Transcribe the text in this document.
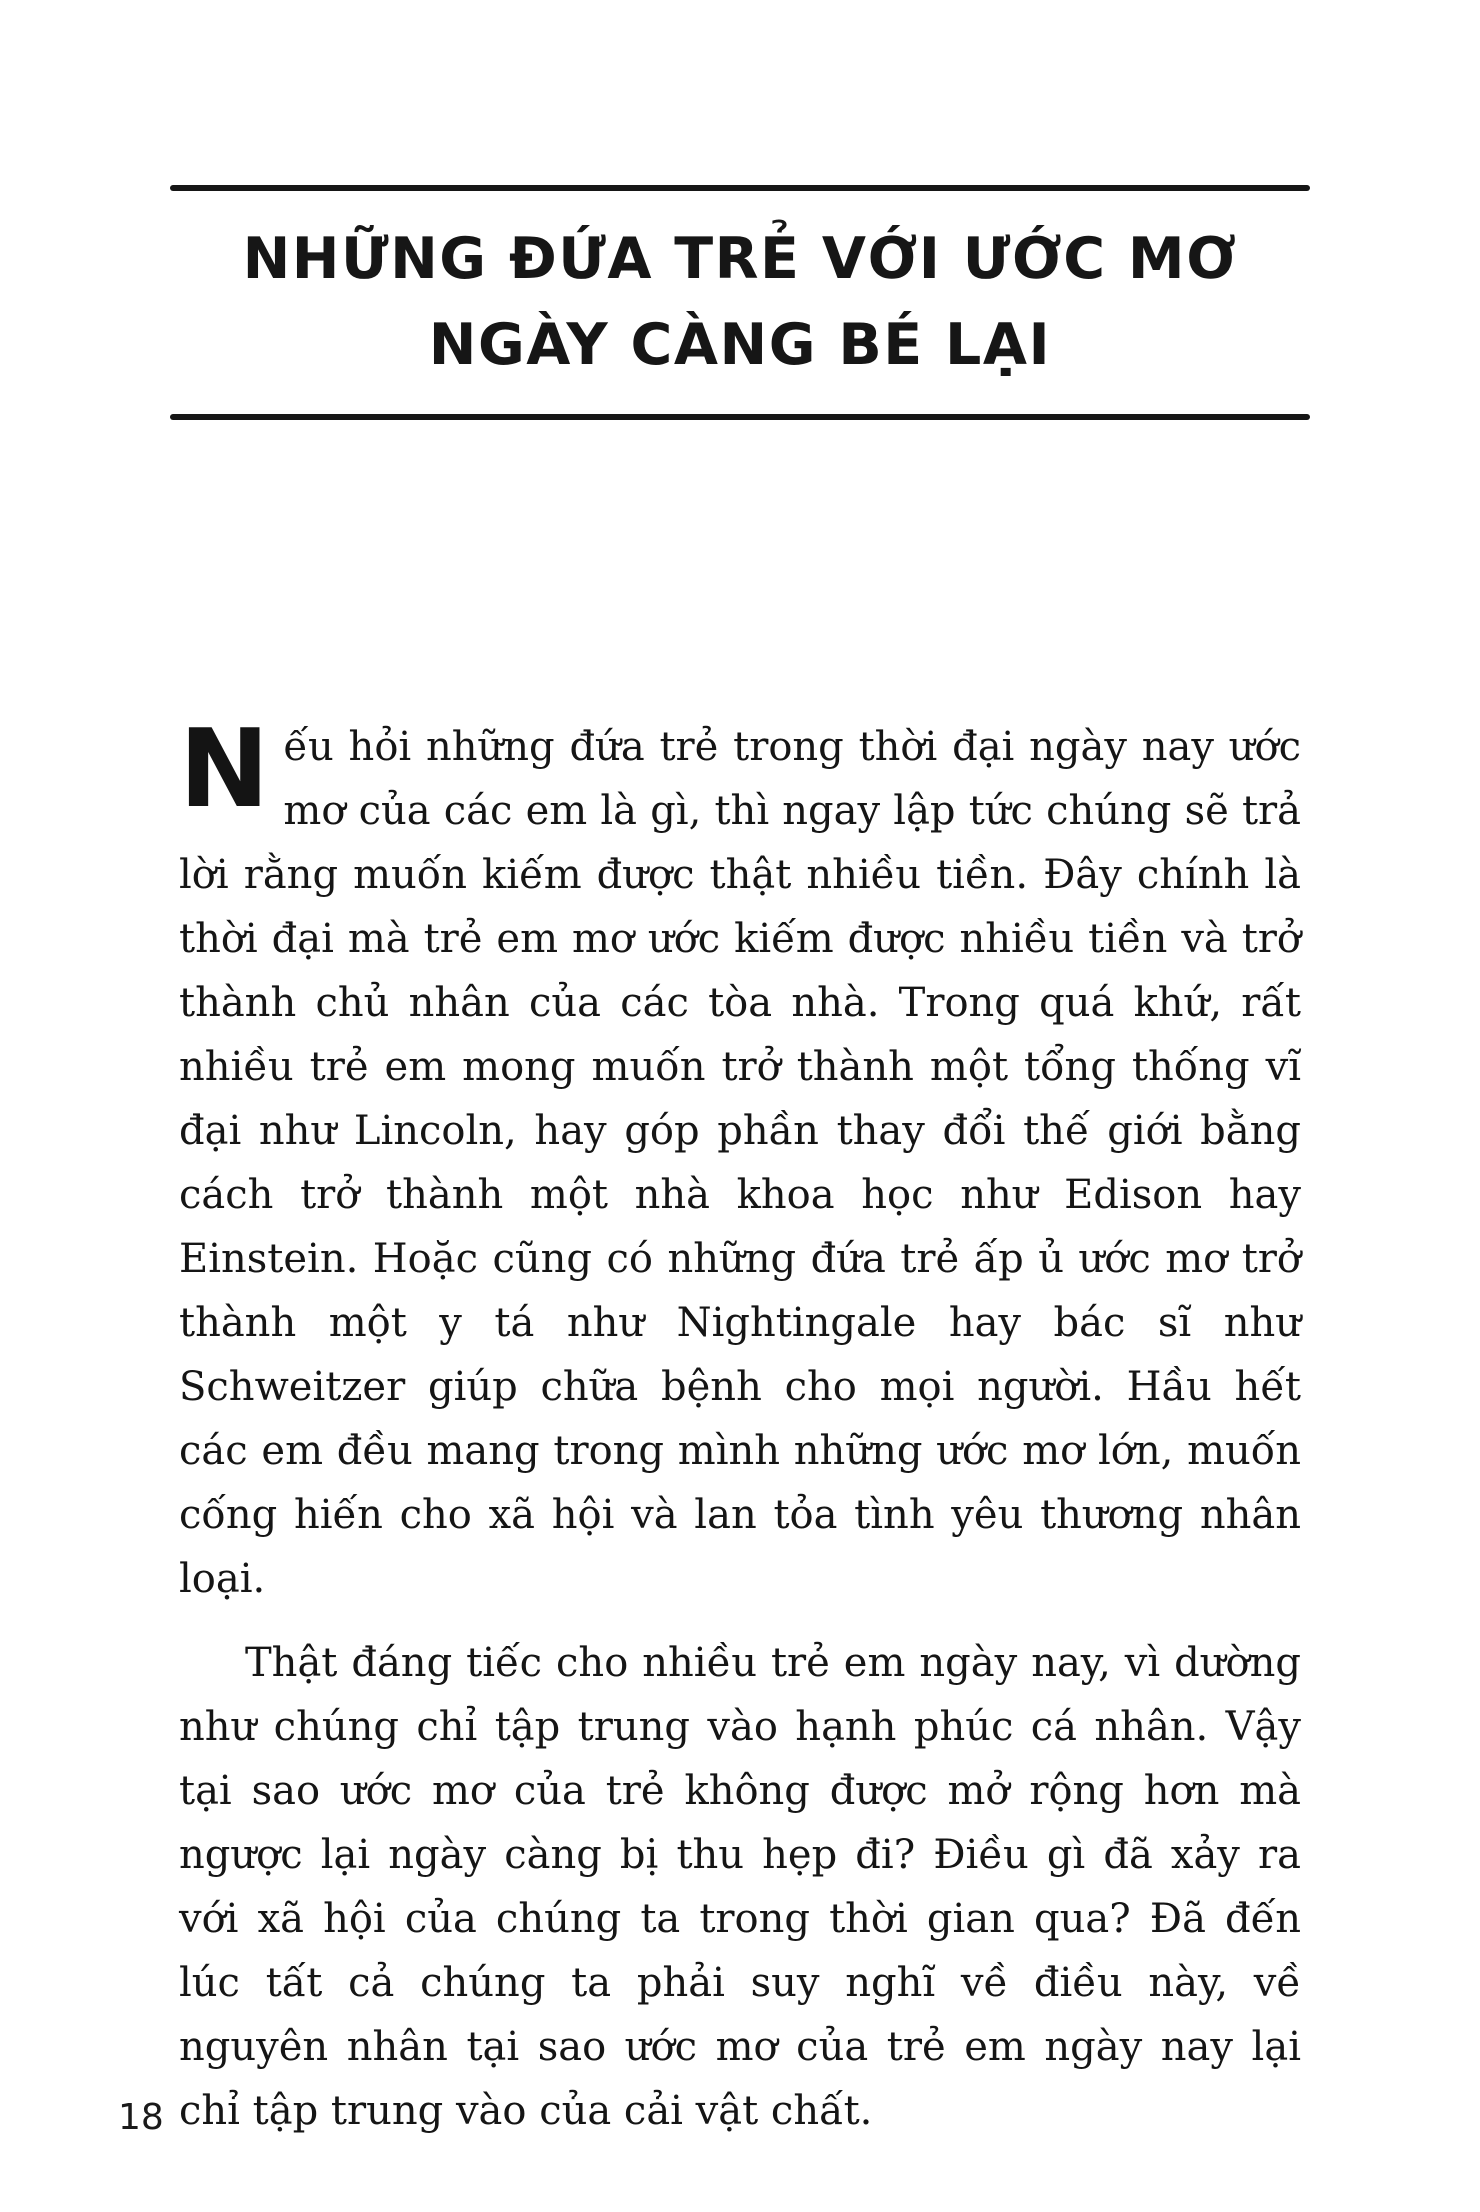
NHỮNG ĐỨA TRẺ VỚI ƯỚC MƠ
NGÀY CÀNG BÉ LẠI

Nếu hỏi những đứa trẻ trong thời đại ngày nay ước mơ của các em là gì, thì ngay lập tức chúng sẽ trả lời rằng muốn kiếm được thật nhiều tiền. Đây chính là thời đại mà trẻ em mơ ước kiếm được nhiều tiền và trở thành chủ nhân của các tòa nhà. Trong quá khứ, rất nhiều trẻ em mong muốn trở thành một tổng thống vĩ đại như Lincoln, hay góp phần thay đổi thế giới bằng cách trở thành một nhà khoa học như Edison hay Einstein. Hoặc cũng có những đứa trẻ ấp ủ ước mơ trở thành một y tá như Nightingale hay bác sĩ như Schweitzer giúp chữa bệnh cho mọi người. Hầu hết các em đều mang trong mình những ước mơ lớn, muốn cống hiến cho xã hội và lan tỏa tình yêu thương nhân loại.

Thật đáng tiếc cho nhiều trẻ em ngày nay, vì dường như chúng chỉ tập trung vào hạnh phúc cá nhân. Vậy tại sao ước mơ của trẻ không được mở rộng hơn mà ngược lại ngày càng bị thu hẹp đi? Điều gì đã xảy ra với xã hội của chúng ta trong thời gian qua? Đã đến lúc tất cả chúng ta phải suy nghĩ về điều này, về nguyên nhân tại sao ước mơ của trẻ em ngày nay lại chỉ tập trung vào của cải vật chất.

18
